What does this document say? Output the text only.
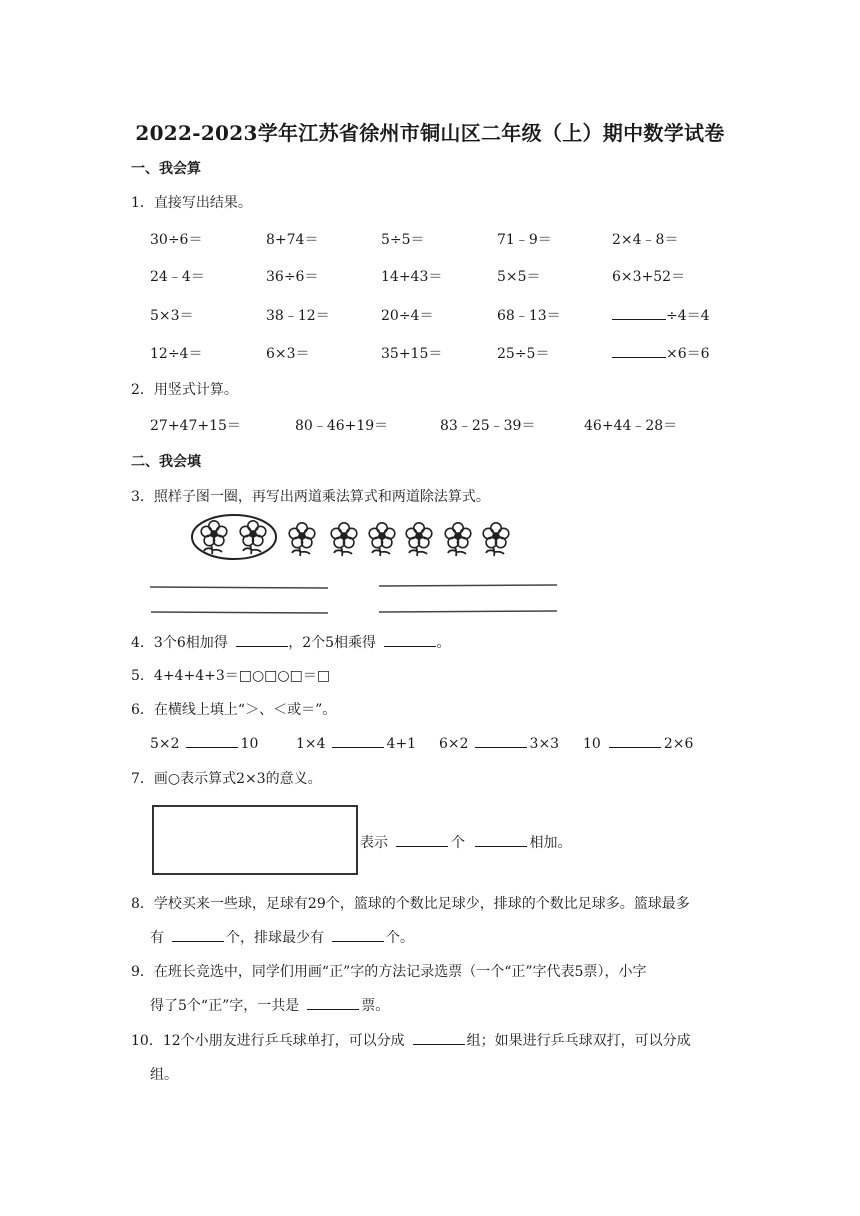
2022-2023学年江苏省徐州市铜山区二年级（上）期中数学试卷
一、我会算
1．直接写出结果。
30÷6＝	8+74＝	5÷5＝	71﹣9＝	2×4﹣8＝
24﹣4＝	36÷6＝	14+43＝	5×5＝	6×3+52＝
5×3＝	38﹣12＝	20÷4＝	68﹣13＝	÷4＝4
12÷4＝	6×3＝	35+15＝	25÷5＝	×6＝6
2．用竖式计算。
27+47+15＝	80﹣46+19＝	83﹣25﹣39＝	46+44﹣28＝
二、我会填
3．照样子图一圈，再写出两道乘法算式和两道除法算式。
4．3个6相加得	，2个5相乘得	。
5．4+4+4+3＝□○□○□＝□
6．在横线上填上“＞、＜或＝”。
5×2	10	1×4	4+1 6×2	3×3 10	2×6
7．画○表示算式2×3的意义。
表示	个	相加。
8．学校买来一些球，足球有29个，篮球的个数比足球少，排球的个数比足球多。篮球最多
有	个，排球最少有	个。
9．在班长竞选中，同学们用画“正”字的方法记录选票（一个“正”字代表5票），小字
得了5个“正”字，一共是	票。
10．12个小朋友进行乒乓球单打，可以分成	组；如果进行乒乓球双打，可以分成
组。
